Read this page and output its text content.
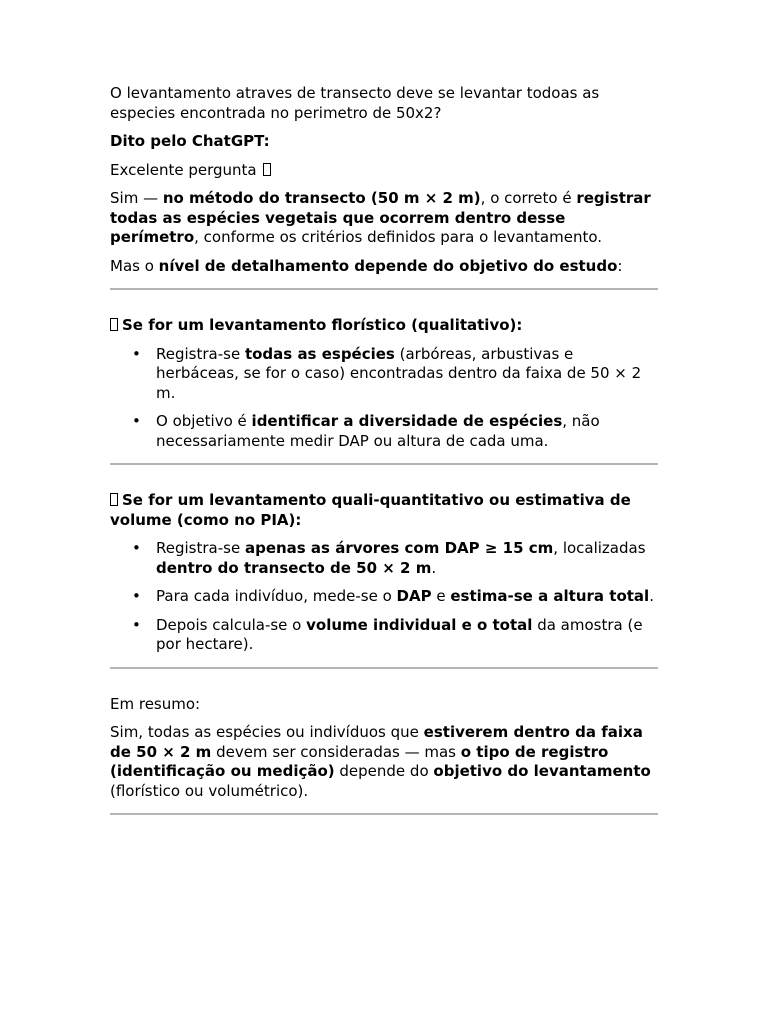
O levantamento atraves de transecto deve se levantar todoas as especies encontrada no perimetro de 50x2?

Dito pelo ChatGPT:

Excelente pergunta

Sim — no método do transecto (50 m × 2 m), o correto é registrar todas as espécies vegetais que ocorrem dentro desse perímetro, conforme os critérios definidos para o levantamento.

Mas o nível de detalhamento depende do objetivo do estudo:

Se for um levantamento florístico (qualitativo):

• Registra-se todas as espécies (arbóreas, arbustivas e herbáceas, se for o caso) encontradas dentro da faixa de 50 × 2 m.
• O objetivo é identificar a diversidade de espécies, não necessariamente medir DAP ou altura de cada uma.

Se for um levantamento quali-quantitativo ou estimativa de volume (como no PIA):

• Registra-se apenas as árvores com DAP ≥ 15 cm, localizadas dentro do transecto de 50 × 2 m.
• Para cada indivíduo, mede-se o DAP e estima-se a altura total.
• Depois calcula-se o volume individual e o total da amostra (e por hectare).

Em resumo:

Sim, todas as espécies ou indivíduos que estiverem dentro da faixa de 50 × 2 m devem ser consideradas — mas o tipo de registro (identificação ou medição) depende do objetivo do levantamento (florístico ou volumétrico).
